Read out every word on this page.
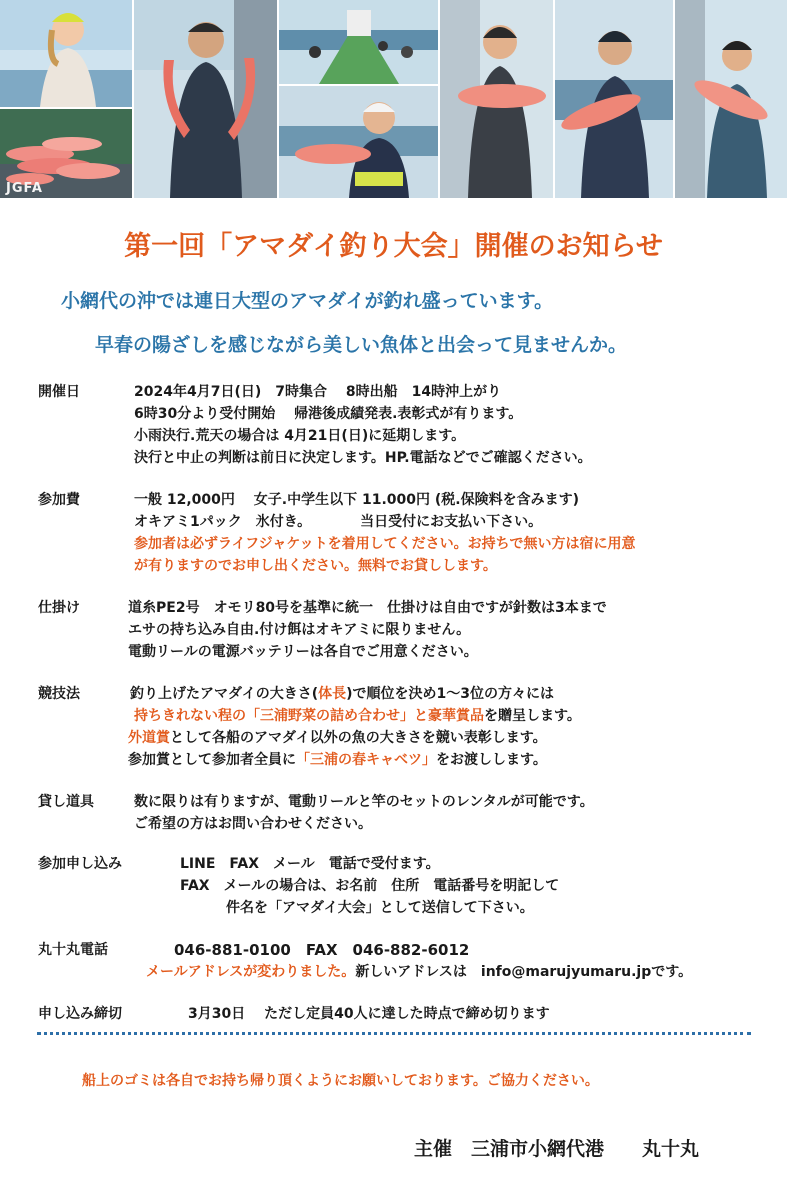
JGFA
第一回「アマダイ釣り大会」開催のお知らせ
小網代の沖では連日大型のアマダイが釣れ盛っています。
早春の陽ざしを感じながら美しい魚体と出会って見ませんか。
開催日	2024年4月7日(日)　7時集合　 8時出船　14時沖上がり
6時30分より受付開始　 帰港後成績発表.表彰式が有ります。
小雨決行.荒天の場合は 4月21日(日)に延期します。
決行と中止の判断は前日に決定します。HP.電話などでご確認ください。
参加費	一般 12,000円　 女子.中学生以下 11.000円 (税.保険料を含みます)
オキアミ1パック　氷付き。　　　　当日受付にお支払い下さい。
参加者は必ずライフジャケットを着用してください。お持ちで無い方は宿に用意
が有りますのでお申し出ください。無料でお貸しします。
仕掛け	道糸PE2号　オモリ80号を基準に統一　仕掛けは自由ですが針数は3本まで
エサの持ち込み自由.付け餌はオキアミに限りません。
電動リールの電源バッテリーは各自でご用意ください。
競技法	釣り上げたアマダイの大きさ(体長)で順位を決め1～3位の方々には
持ちきれない程の「三浦野菜の詰め合わせ」と豪華賞品を贈呈します。
外道賞として各船のアマダイ以外の魚の大きさを競い表彰します。
参加賞として参加者全員に「三浦の春キャベツ」をお渡しします。
貸し道具	数に限りは有りますが、電動リールと竿のセットのレンタルが可能です。
ご希望の方はお問い合わせください。
参加申し込み	LINE　FAX　メール　電話で受付ます。
FAX　メールの場合は、お名前　住所　電話番号を明記して
件名を「アマダイ大会」として送信して下さい。
丸十丸電話	046-881-0100　FAX　046-882-6012
メールアドレスが変わりました。新しいアドレスは　info@marujyumaru.jpです。
申し込み締切	3月30日　 ただし定員40人に達した時点で締め切ります
船上のゴミは各自でお持ち帰り頂くようにお願いしております。ご協力ください。
主催　三浦市小網代港　　丸十丸
